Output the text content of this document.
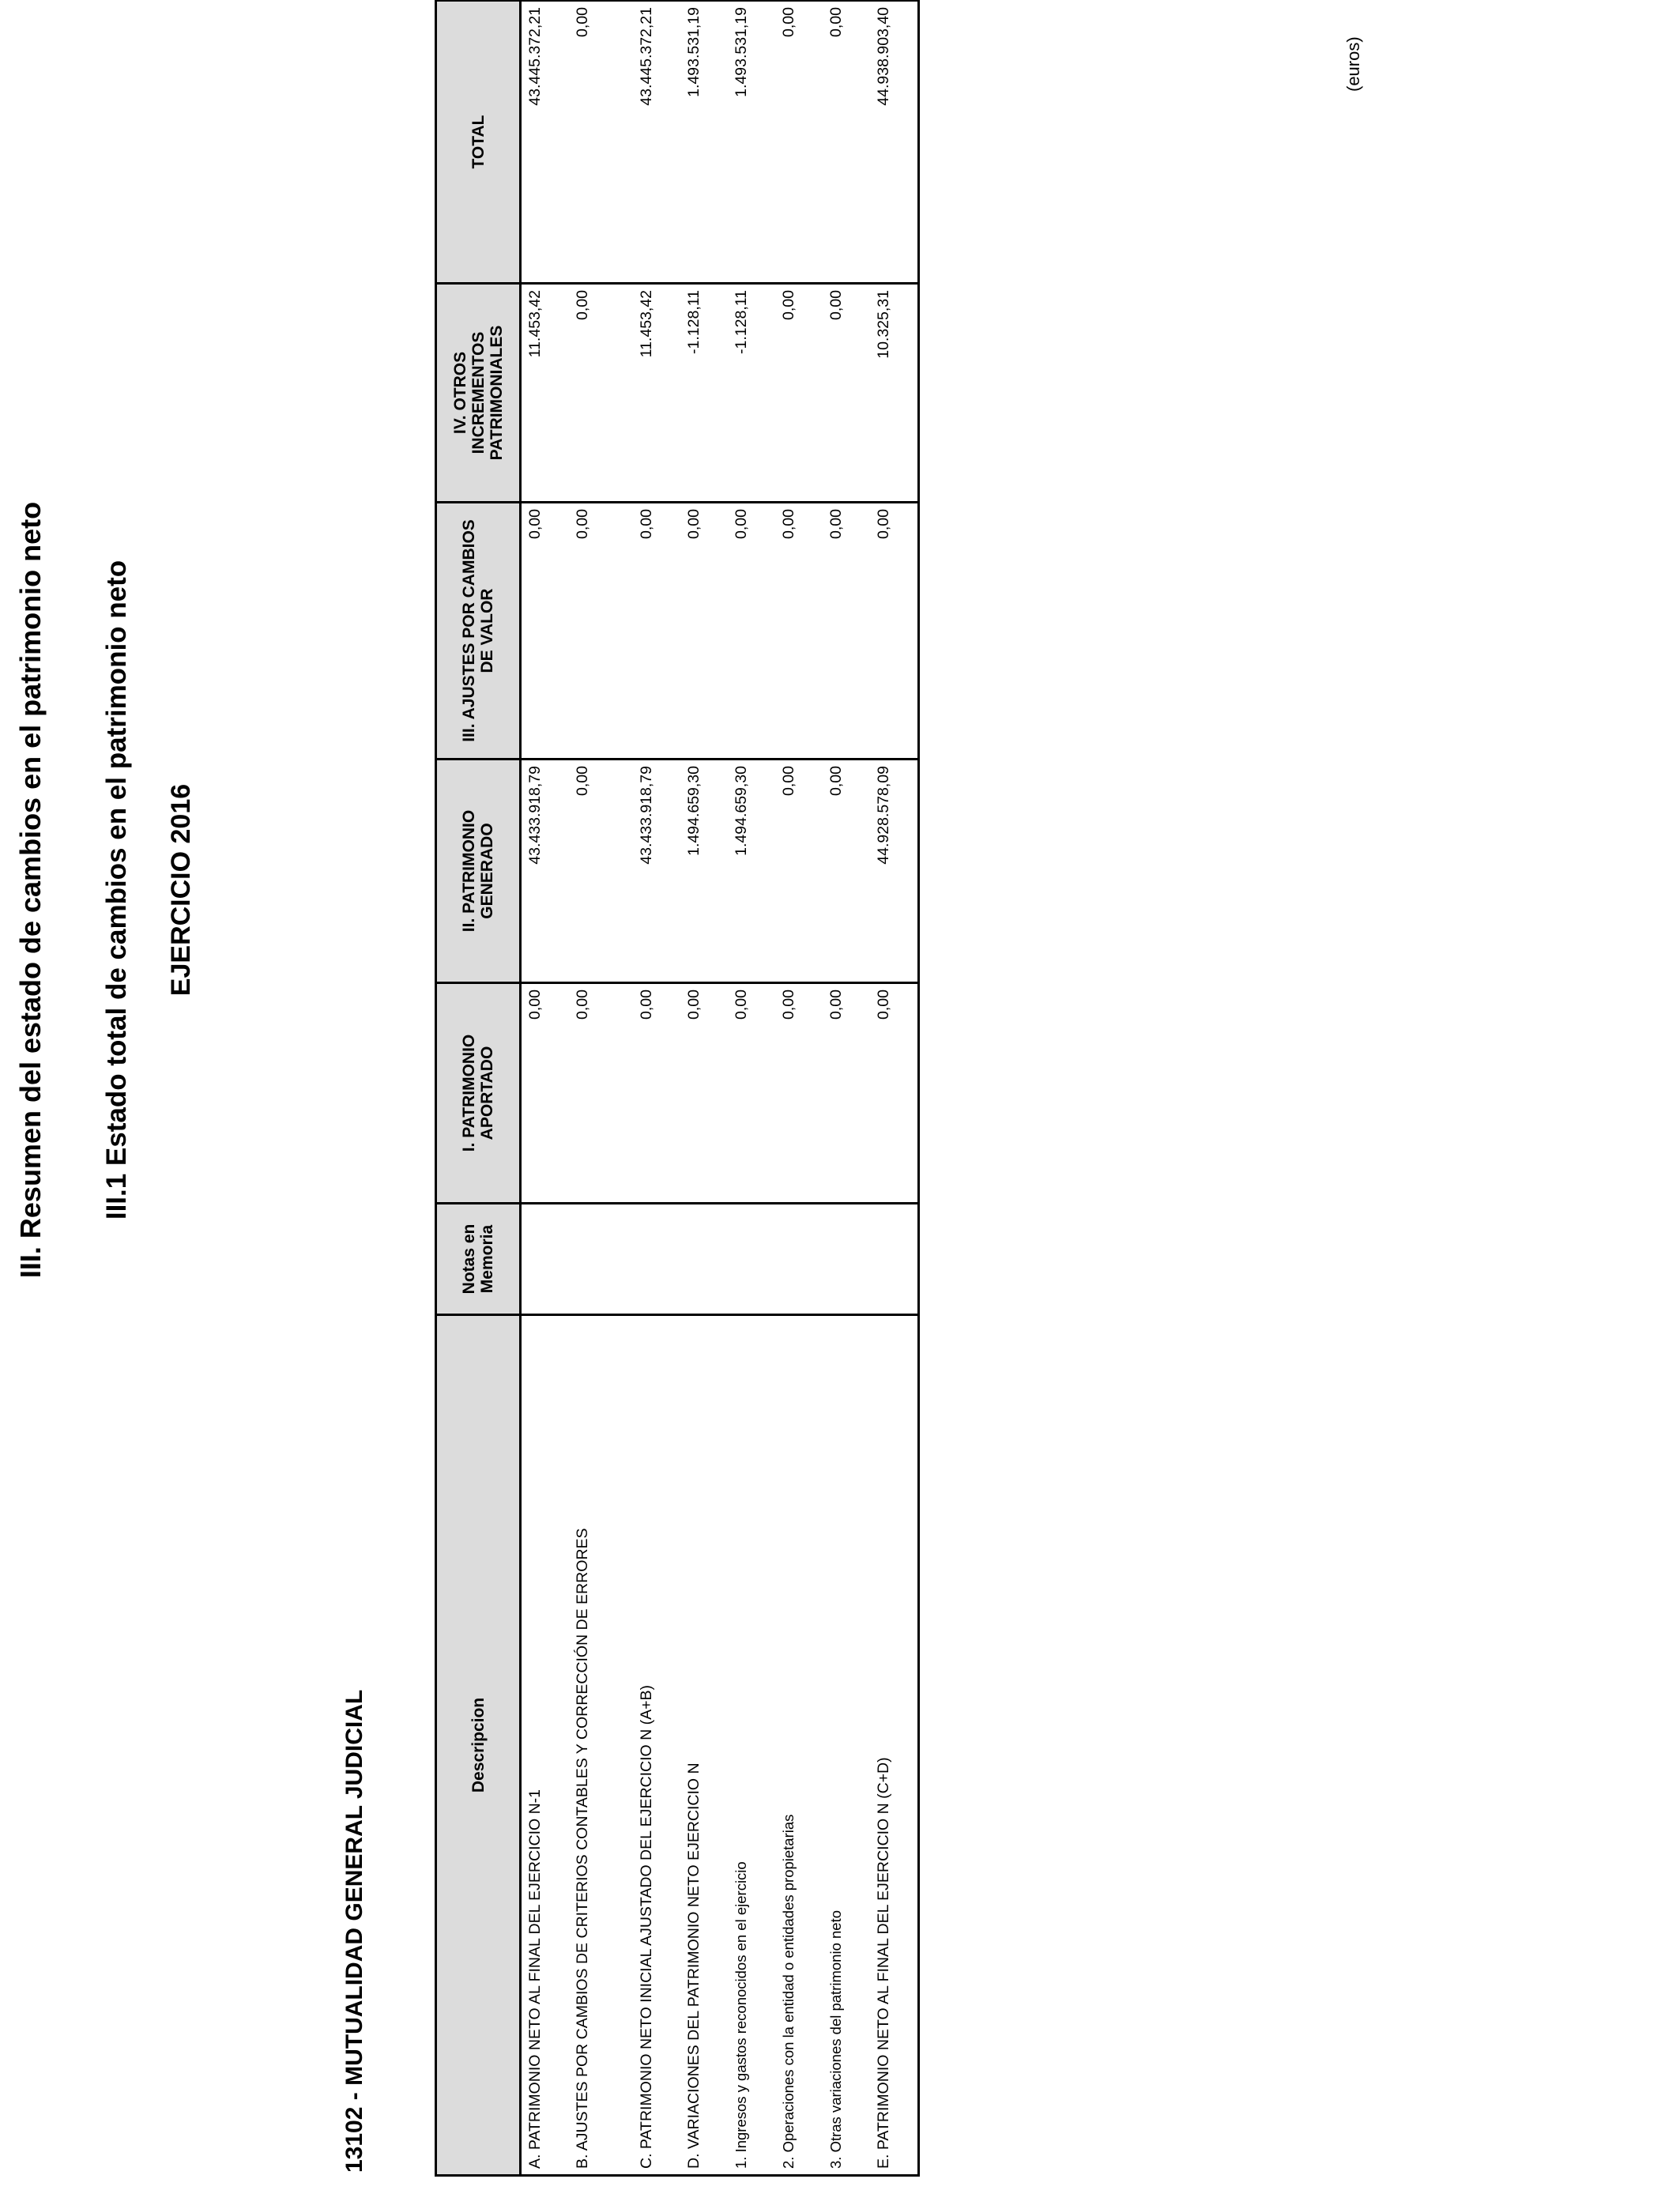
III. Resumen del estado de cambios en el patrimonio neto III.1 Estado total de cambios en el patrimonio neto EJERCICIO 2016
13102 - MUTUALIDAD GENERAL JUDICIAL
(euros)
Descripcion	Notas en Memoria	I. PATRIMONIO APORTADO	II. PATRIMONIO GENERADO	III. AJUSTES POR CAMBIOS DE VALOR	IV. OTROS INCREMENTOS PATRIMONIALES	TOTAL
A. PATRIMONIO NETO AL FINAL DEL EJERCICIO N-1		0,00	43.433.918,79	0,00	11.453,42	43.445.372,21
B. AJUSTES POR CAMBIOS DE CRITERIOS CONTABLES Y CORRECCIÓN DE ERRORES		0,00	0,00	0,00	0,00	0,00
C. PATRIMONIO NETO INICIAL AJUSTADO DEL EJERCICIO N (A+B)		0,00	43.433.918,79	0,00	11.453,42	43.445.372,21
D. VARIACIONES DEL PATRIMONIO NETO EJERCICIO N		0,00	1.494.659,30	0,00	-1.128,11	1.493.531,19
1. Ingresos y gastos reconocidos en el ejercicio		0,00	1.494.659,30	0,00	-1.128,11	1.493.531,19
2. Operaciones con la entidad o entidades propietarias		0,00	0,00	0,00	0,00	0,00
3. Otras variaciones del patrimonio neto		0,00	0,00	0,00	0,00	0,00
E. PATRIMONIO NETO AL FINAL DEL EJERCICIO N (C+D)		0,00	44.928.578,09	0,00	10.325,31	44.938.903,40
